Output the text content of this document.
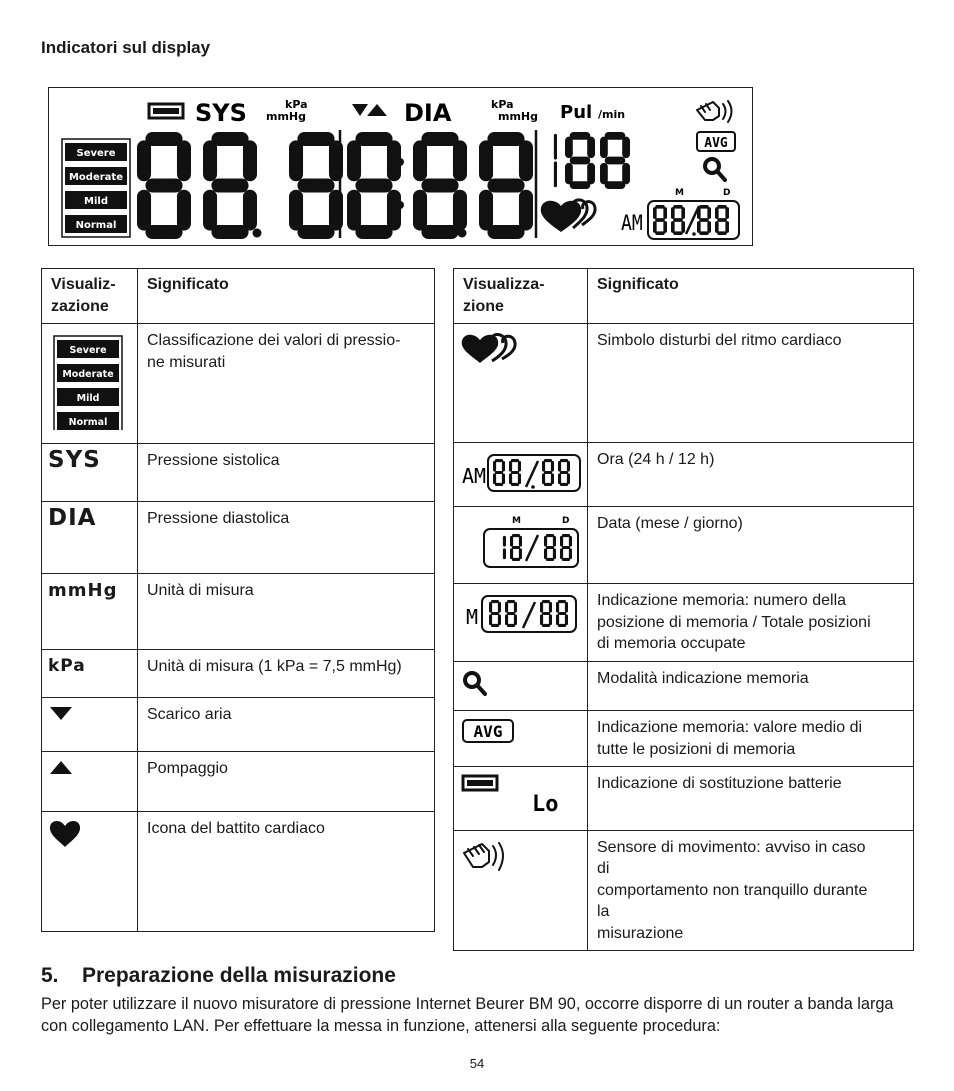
Indicatori sul display
Severe
Moderate
Mild
Normal
SYS	kPa
mmHg	DIA	kPa
mmHg Pul /min
AVG
M	D
AM
Visualiz-
zazione	Significato

Severe
Moderate
Mild
Normal	Classificazione dei valori di pressio-
ne misurati
SYS	Pressione sistolica
DIA	Pressione diastolica
mmHg	Unità di misura
kPa	Unità di misura (1 kPa = 7,5 mmHg)
	Scarico aria
	Pompaggio
	Icona del battito cardiaco
Visualizza-
zione	Significato
	Simbolo disturbi del ritmo cardiaco

AM	Ora (24 h / 12 h)

M D	Data (mese / giorno)

M	Indicazione memoria: numero della
posizione di memoria / Totale posizioni
di memoria occupate
	Modalità indicazione memoria

AVG	Indicazione memoria: valore medio di
tutte le posizioni di memoria

Lo	Indicazione di sostituzione batterie
	Sensore di movimento: avviso in caso
di
comportamento non tranquillo durante
la
misurazione
5. Preparazione della misurazione
Per poter utilizzare il nuovo misuratore di pressione Internet Beurer BM 90, occorre disporre di un router a banda larga con collegamento LAN. Per effettuare la messa in funzione, attenersi alla seguente procedura:
54
